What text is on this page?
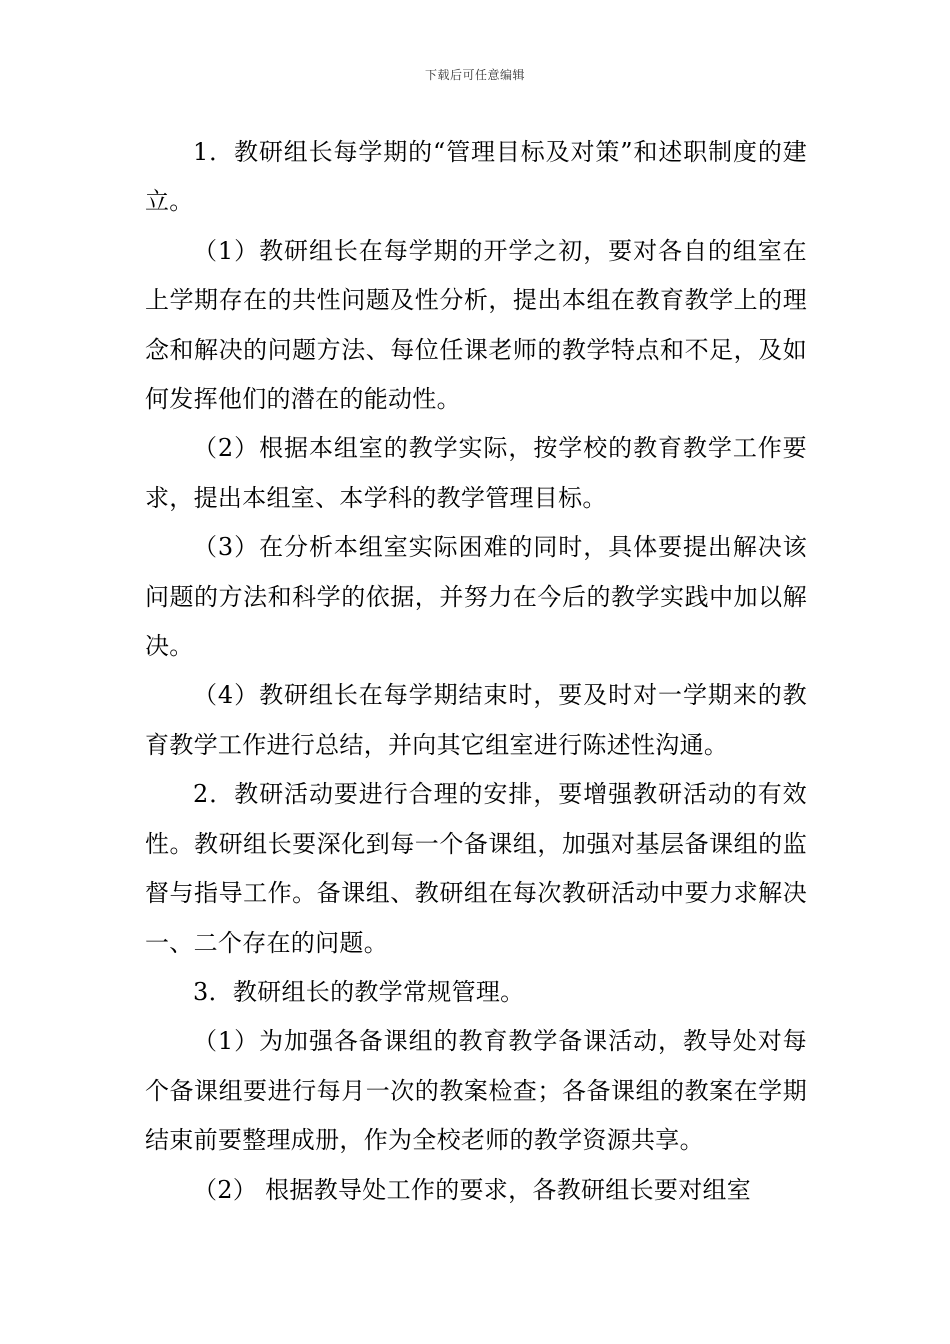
下载后可任意编辑

1．教研组长每学期的“管理目标及对策”和述职制度的建立。

（1）教研组长在每学期的开学之初，要对各自的组室在上学期存在的共性问题及性分析，提出本组在教育教学上的理念和解决的问题方法、每位任课老师的教学特点和不足，及如何发挥他们的潜在的能动性。

（2）根据本组室的教学实际，按学校的教育教学工作要求，提出本组室、本学科的教学管理目标。

（3）在分析本组室实际困难的同时，具体要提出解决该问题的方法和科学的依据，并努力在今后的教学实践中加以解决。

（4）教研组长在每学期结束时，要及时对一学期来的教育教学工作进行总结，并向其它组室进行陈述性沟通。

2．教研活动要进行合理的安排，要增强教研活动的有效性。教研组长要深化到每一个备课组，加强对基层备课组的监督与指导工作。备课组、教研组在每次教研活动中要力求解决一、二个存在的问题。

3．教研组长的教学常规管理。

（1）为加强各备课组的教育教学备课活动，教导处对每个备课组要进行每月一次的教案检查；各备课组的教案在学期结束前要整理成册，作为全校老师的教学资源共享。

（2） 根据教导处工作的要求，各教研组长要对组室
